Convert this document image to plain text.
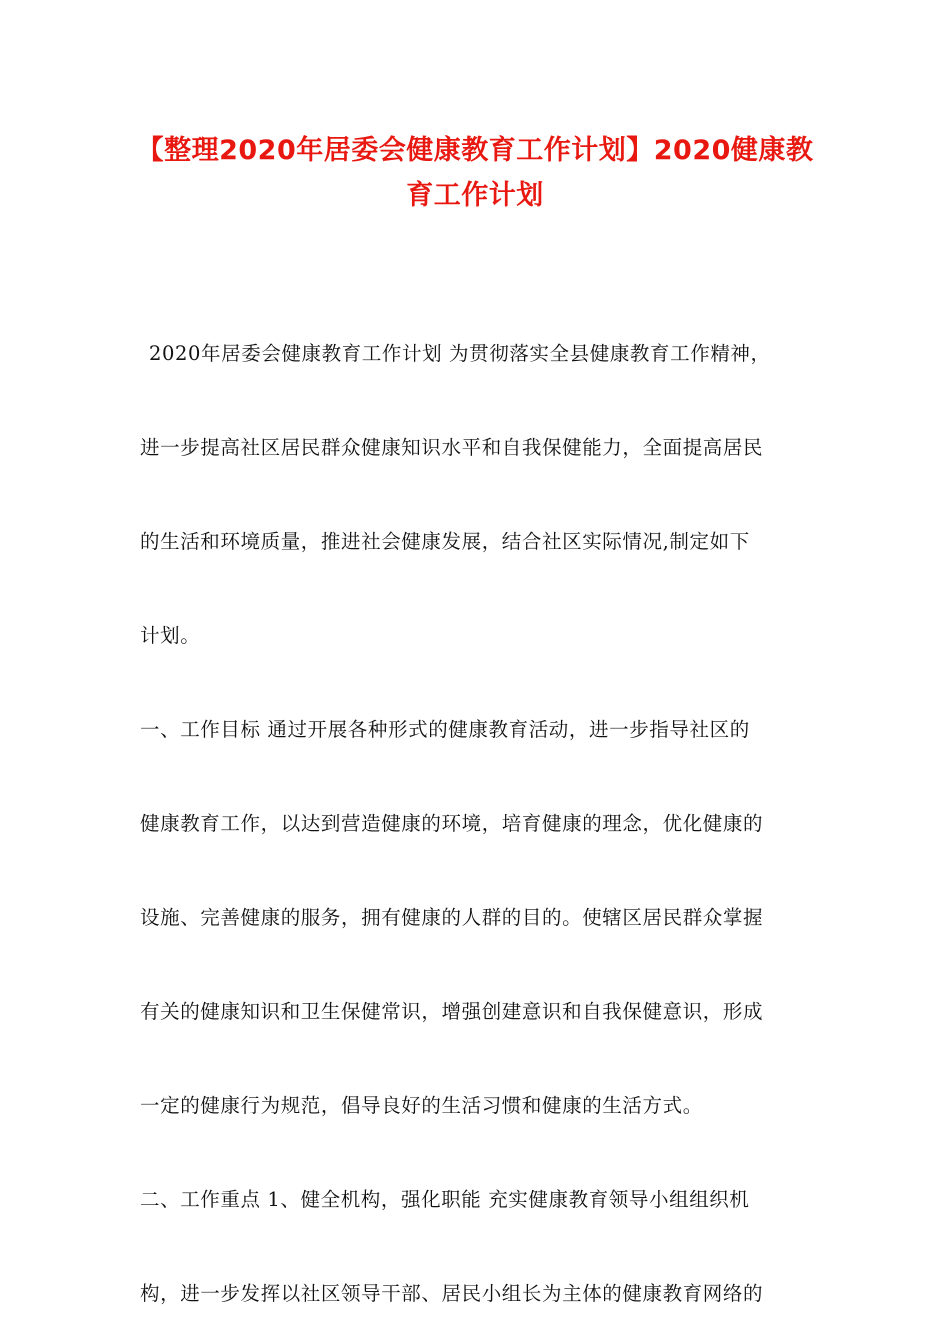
【整理2020年居委会健康教育工作计划】2020健康教
育工作计划
2020年居委会健康教育工作计划 为贯彻落实全县健康教育工作精神，
进一步提高社区居民群众健康知识水平和自我保健能力，全面提高居民
的生活和环境质量，推进社会健康发展，结合社区实际情况,制定如下
计划。
一、工作目标 通过开展各种形式的健康教育活动，进一步指导社区的
健康教育工作，以达到营造健康的环境，培育健康的理念，优化健康的
设施、完善健康的服务，拥有健康的人群的目的。使辖区居民群众掌握
有关的健康知识和卫生保健常识，增强创建意识和自我保健意识，形成
一定的健康行为规范，倡导良好的生活习惯和健康的生活方式。
二、工作重点 1、健全机构，强化职能 充实健康教育领导小组组织机
构，进一步发挥以社区领导干部、居民小组长为主体的健康教育网络的
